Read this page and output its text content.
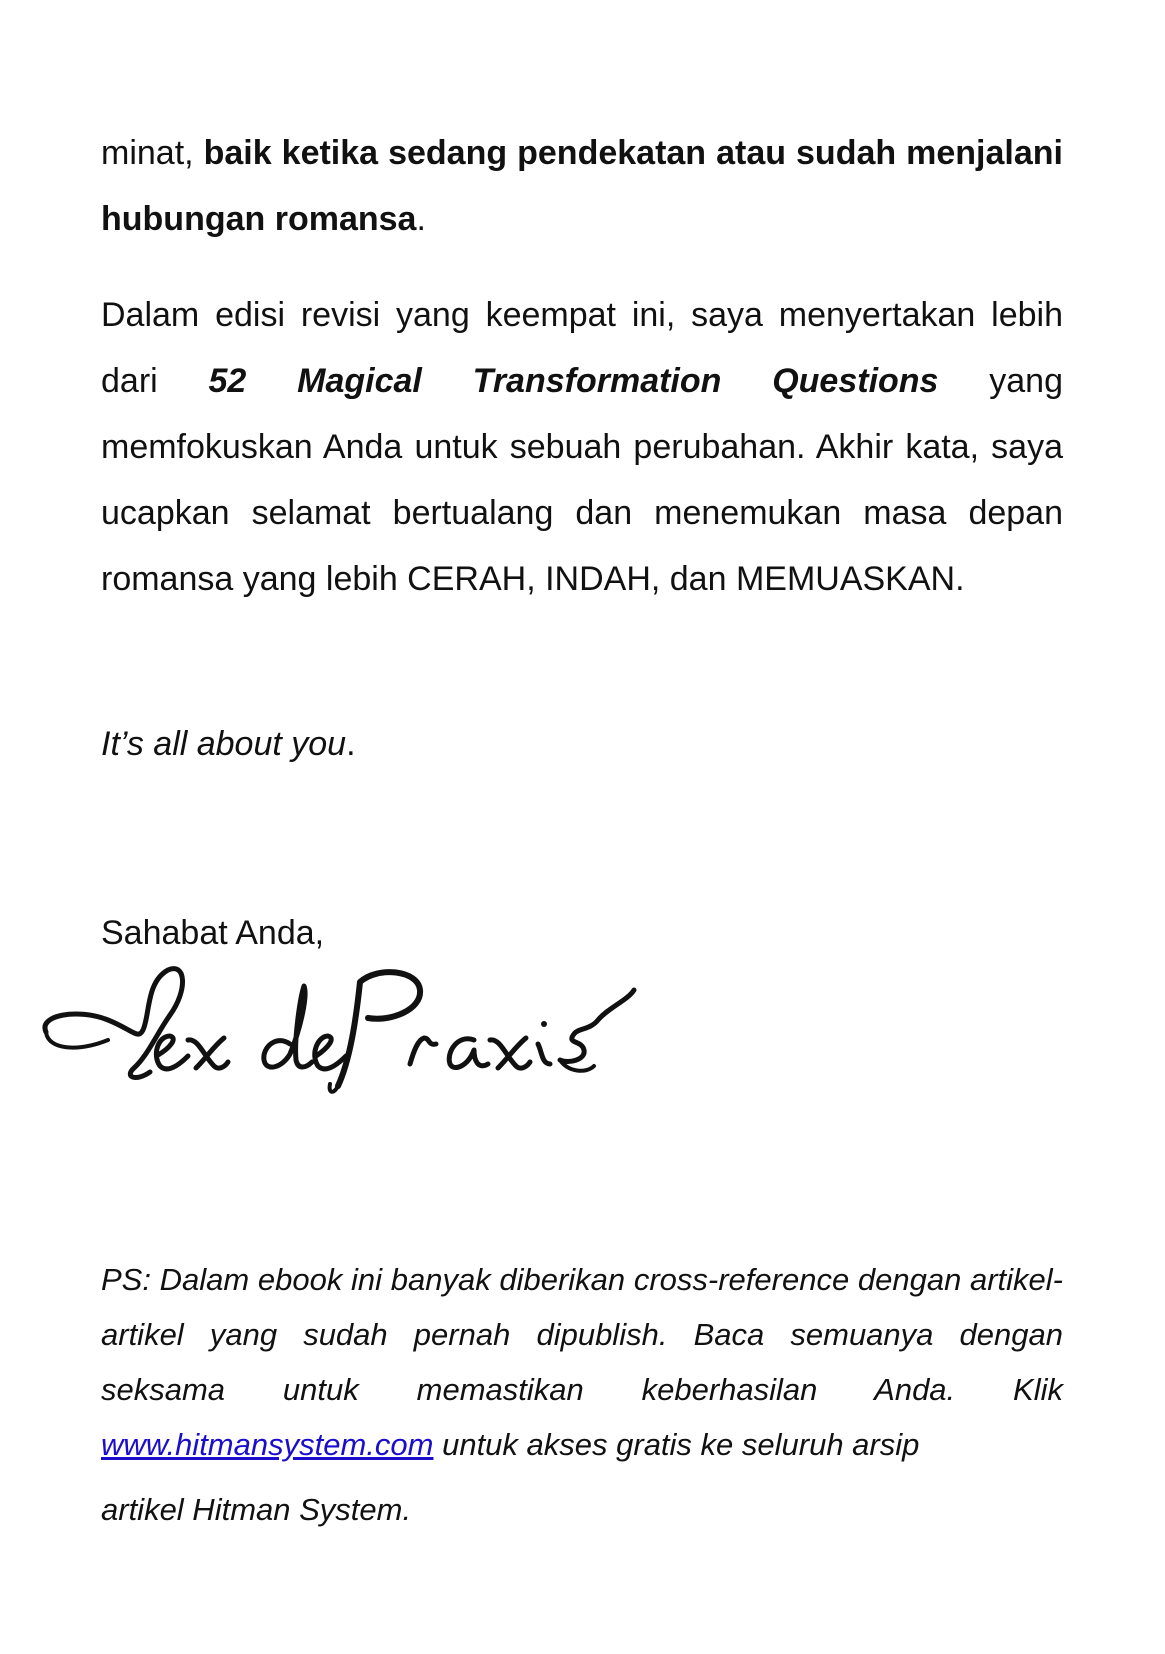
minat, baik ketika sedang pendekatan atau sudah menjalani hubungan romansa.

Dalam edisi revisi yang keempat ini, saya menyertakan lebih dari 52 Magical Transformation Questions yang memfokuskan Anda untuk sebuah perubahan. Akhir kata, saya ucapkan selamat bertualang dan menemukan masa depan romansa yang lebih CERAH, INDAH, dan MEMUASKAN.

It’s all about you.

Sahabat Anda,

PS: Dalam ebook ini banyak diberikan cross-reference dengan artikel-artikel yang sudah pernah dipublish. Baca semuanya dengan seksama untuk memastikan keberhasilan Anda. Klik www.hitmansystem.com untuk akses gratis ke seluruh arsip
artikel Hitman System.
